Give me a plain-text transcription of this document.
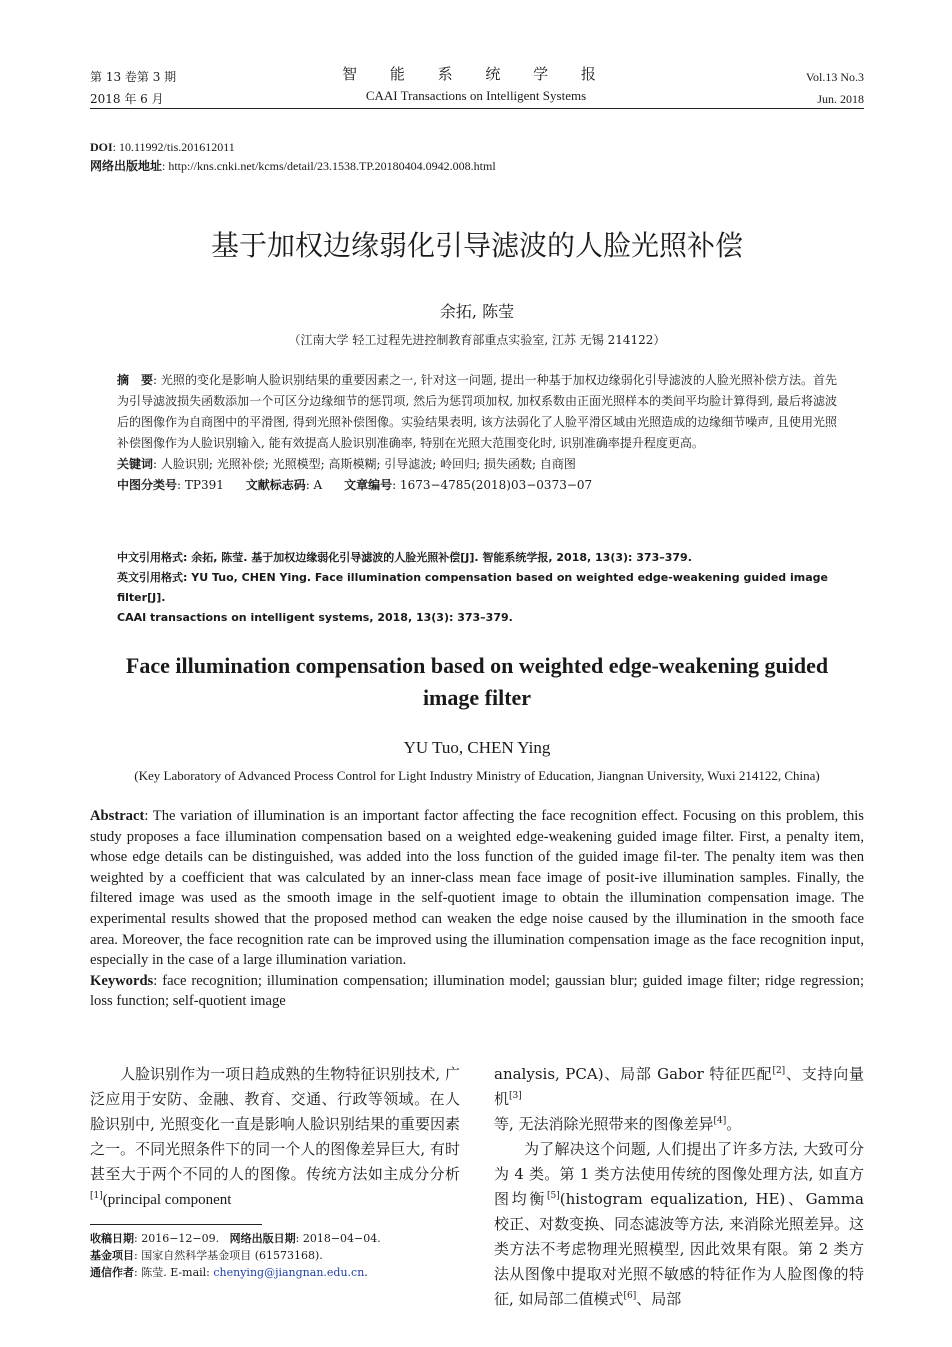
第 13 卷第 3 期
2018 年 6 月
智 能 系 统 学 报
CAAI Transactions on Intelligent Systems
Vol.13 No.3
Jun. 2018
DOI: 10.11992/tis.201612011
网络出版地址: http://kns.cnki.net/kcms/detail/23.1538.TP.20180404.0942.008.html
基于加权边缘弱化引导滤波的人脸光照补偿
余拓, 陈莹
（江南大学 轻工过程先进控制教育部重点实验室, 江苏 无锡 214122）
摘　要: 光照的变化是影响人脸识别结果的重要因素之一, 针对这一问题, 提出一种基于加权边缘弱化引导滤波的人脸光照补偿方法。首先为引导滤波损失函数添加一个可区分边缘细节的惩罚项, 然后为惩罚项加权, 加权系数由正面光照样本的类间平均脸计算得到, 最后将滤波后的图像作为自商图中的平滑图, 得到光照补偿图像。实验结果表明, 该方法弱化了人脸平滑区域由光照造成的边缘细节噪声, 且使用光照补偿图像作为人脸识别输入, 能有效提高人脸识别准确率, 特别在光照大范围变化时, 识别准确率提升程度更高。
关键词: 人脸识别; 光照补偿; 光照模型; 高斯模糊; 引导滤波; 岭回归; 损失函数; 自商图
中图分类号: TP391 文献标志码: A 文章编号: 1673−4785(2018)03−0373−07
中文引用格式: 余拓, 陈莹. 基于加权边缘弱化引导滤波的人脸光照补偿[J]. 智能系统学报, 2018, 13(3): 373–379.
英文引用格式: YU Tuo, CHEN Ying. Face illumination compensation based on weighted edge-weakening guided image filter[J].
CAAI transactions on intelligent systems, 2018, 13(3): 373–379.
Face illumination compensation based on weighted edge-weakening guided
image filter
YU Tuo, CHEN Ying
(Key Laboratory of Advanced Process Control for Light Industry Ministry of Education, Jiangnan University, Wuxi 214122, China)
Abstract: The variation of illumination is an important factor affecting the face recognition effect. Focusing on this problem, this study proposes a face illumination compensation based on a weighted edge-weakening guided image filter. First, a penalty item, whose edge details can be distinguished, was added into the loss function of the guided image fil-ter. The penalty item was then weighted by a coefficient that was calculated by an inner-class mean face image of posit-ive illumination samples. Finally, the filtered image was used as the smooth image in the self-quotient image to obtain the illumination compensation image. The experimental results showed that the proposed method can weaken the edge noise caused by the illumination in the smooth face area. Moreover, the face recognition rate can be improved using the illumination compensation image as the face recognition input, especially in the case of a large illumination variation.
Keywords: face recognition; illumination compensation; illumination model; gaussian blur; guided image filter; ridge regression; loss function; self-quotient image

人脸识别作为一项日趋成熟的生物特征识别技术, 广泛应用于安防、金融、教育、交通、行政等领域。在人脸识别中, 光照变化一直是影响人脸识别结果的重要因素之一。不同光照条件下的同一个人的图像差异巨大, 有时甚至大于两个不同的人的图像。传统方法如主成分分析[1](principal component

analysis, PCA)、局部 Gabor 特征匹配[2]、支持向量机[3]
等, 无法消除光照带来的图像差异[4]。

为了解决这个问题, 人们提出了许多方法, 大致可分为 4 类。第 1 类方法使用传统的图像处理方法, 如直方图均衡[5](histogram equalization, HE)、Gamma 校正、对数变换、同态滤波等方法, 来消除光照差异。这类方法不考虑物理光照模型, 因此效果有限。第 2 类方法从图像中提取对光照不敏感的特征作为人脸图像的特征, 如局部二值模式[6]、局部

收稿日期: 2016−12−09. 网络出版日期: 2018−04−04.
基金项目: 国家自然科学基金项目 (61573168).
通信作者: 陈莹. E-mail: chenying@jiangnan.edu.cn.
